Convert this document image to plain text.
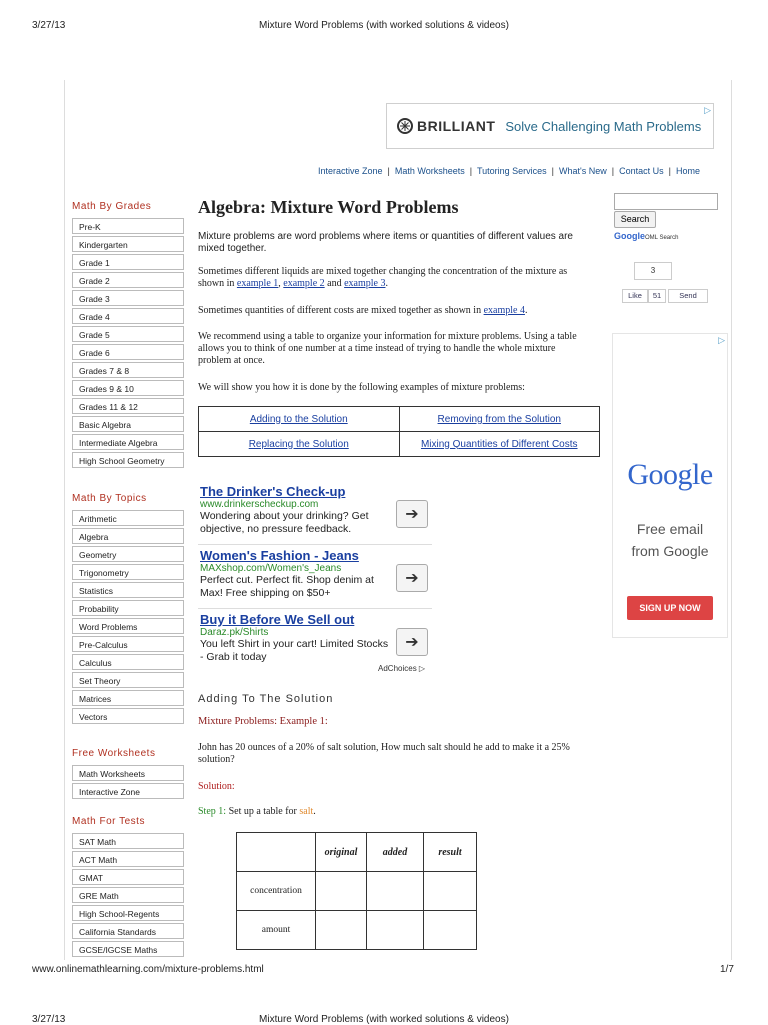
3/27/13	Mixture Word Problems (with worked solutions & videos)
BRILLIANT Solve Challenging Math Problems
▷
Interactive Zone  |  Math Worksheets  |  Tutoring Services  |  What's New  |  Contact Us  |  Home
Math By Grades
Pre-K
Kindergarten
Grade 1
Grade 2
Grade 3
Grade 4
Grade 5
Grade 6
Grades 7 & 8
Grades 9 & 10
Grades 11 & 12
Basic Algebra
Intermediate Algebra
High School Geometry
Math By Topics
Arithmetic
Algebra
Geometry
Trigonometry
Statistics
Probability
Word Problems
Pre-Calculus
Calculus
Set Theory
Matrices
Vectors
Free Worksheets
Math Worksheets
Interactive Zone
Math For Tests
SAT Math
ACT Math
GMAT
GRE Math
High School-Regents
California Standards
GCSE/IGCSE Maths
Algebra: Mixture Word Problems
Mixture problems are word problems where items or quantities of different values are mixed together.
Sometimes different liquids are mixed together changing the concentration of the mixture as shown in example 1, example 2 and example 3.
Sometimes quantities of different costs are mixed together as shown in example 4.
We recommend using a table to organize your information for mixture problems. Using a table allows you to think of one number at a time instead of trying to handle the whole mixture problem at once.
We will show you how it is done by the following examples of mixture problems:
Adding to the Solution	Removing from the Solution
Replacing the Solution	Mixing Quantities of Different Costs
The Drinker's Check-up
www.drinkerscheckup.com
Wondering about your drinking? Get objective, no pressure feedback.
➔
Women's Fashion - Jeans
MAXshop.com/Women's_Jeans
Perfect cut. Perfect fit. Shop denim at Max! Free shipping on $50+
➔
Buy it Before We Sell out
Daraz.pk/Shirts
You left Shirt in your cart! Limited Stocks - Grab it today
➔
AdChoices ▷
Adding To The Solution
Mixture Problems: Example 1:
John has 20 ounces of a 20% of salt solution, How much salt should he add to make it a 25% solution?
Solution:
Step 1: Set up a table for salt.
	original	added	result
concentration			
amount			
Search
GoogleOML Search
3
Like	51	Send
▷
Google
Free email
from Google
SIGN UP NOW
www.onlinemathlearning.com/mixture-problems.html	1/7
3/27/13	Mixture Word Problems (with worked solutions & videos)
